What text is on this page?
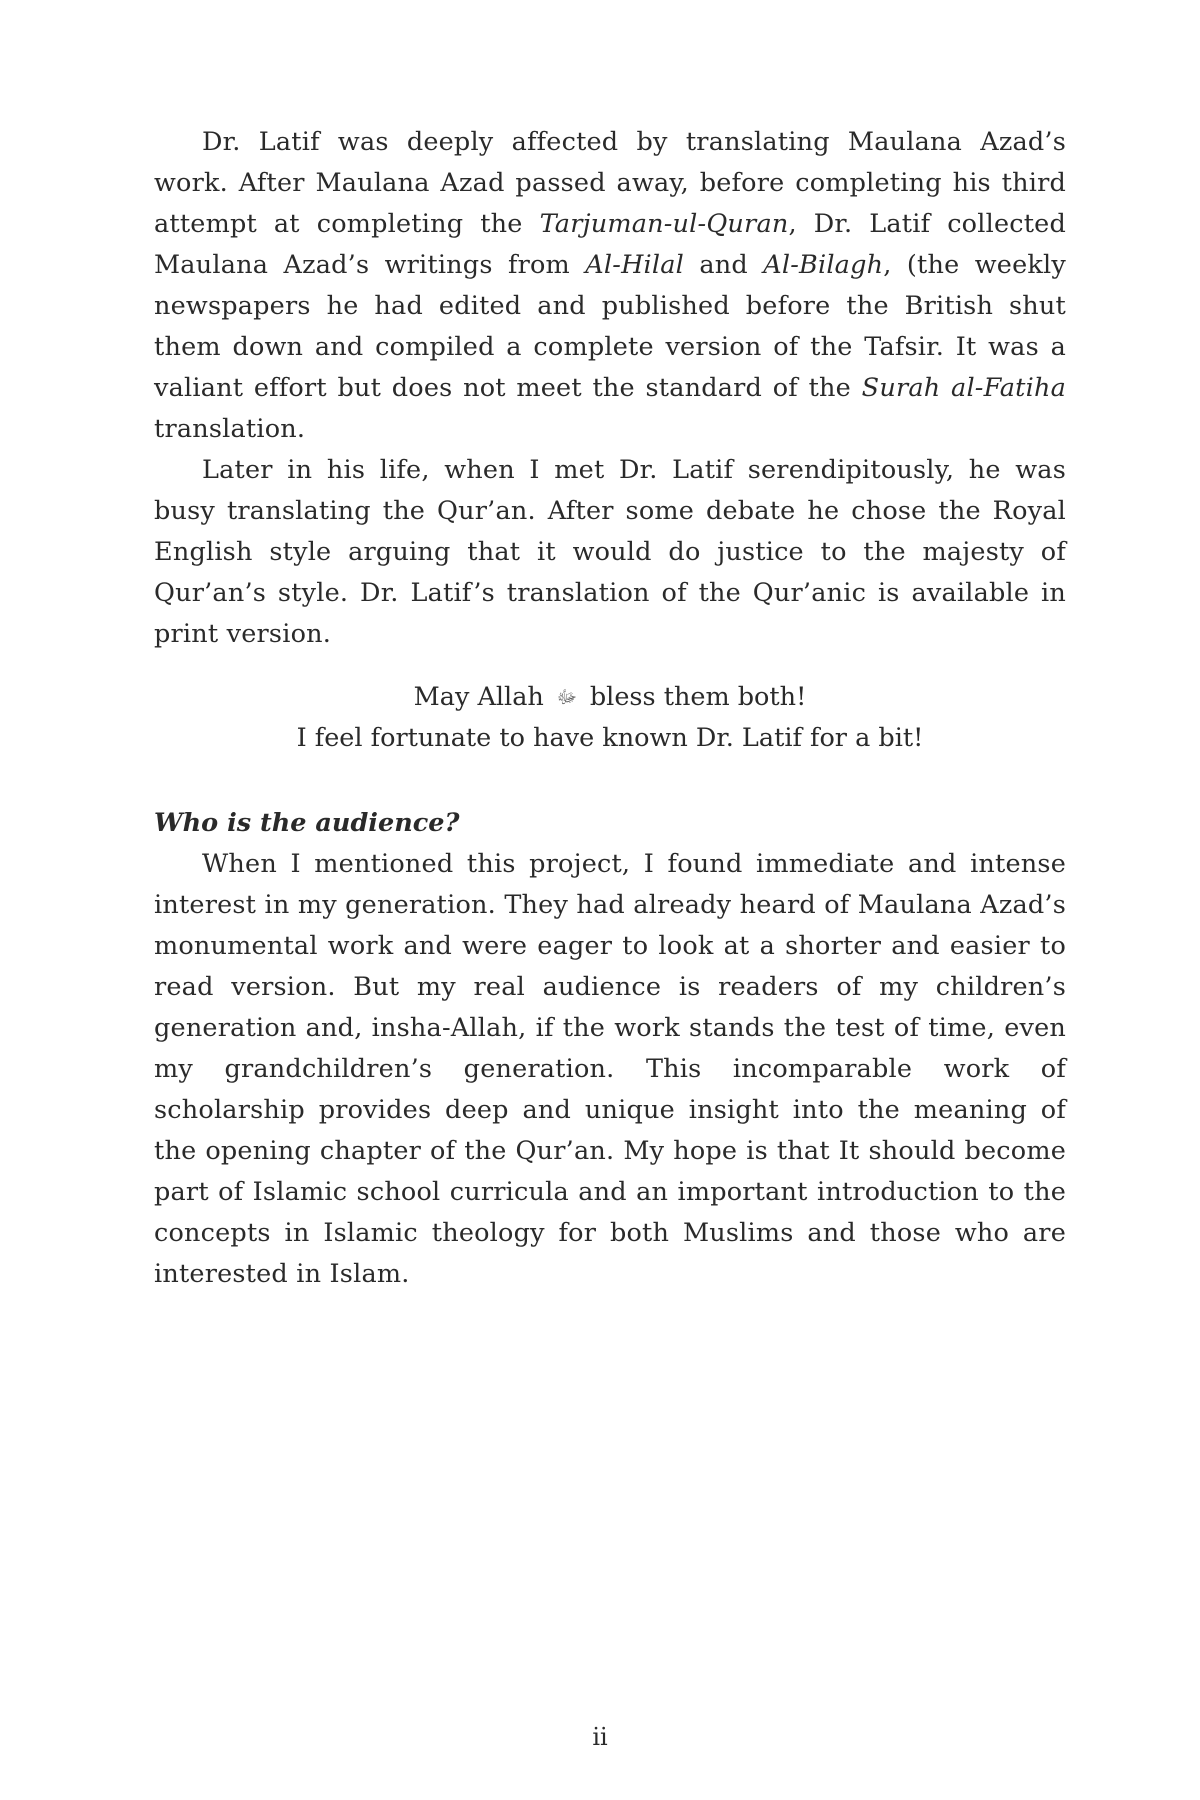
Dr. Latif was deeply affected by translating Maulana Azad’s work. After Maulana Azad passed away, before completing his third attempt at completing the Tarjuman-ul-Quran, Dr. Latif collected Maulana Azad’s writings from Al-Hilal and Al-Bilagh, (the weekly newspapers he had edited and published before the British shut them down and compiled a complete version of the Tafsir. It was a valiant effort but does not meet the standard of the Surah al-Fatiha translation.

Later in his life, when I met Dr. Latif serendipitously, he was busy translating the Qur’an. After some debate he chose the Royal English style arguing that it would do justice to the majesty of Qur’an’s style. Dr. Latif’s translation of the Qur’anic is available in print version.

May Allah ﷻ bless them both!
I feel fortunate to have known Dr. Latif for a bit!
Who is the audience?

When I mentioned this project, I found immediate and intense interest in my generation. They had already heard of Maulana Azad’s monumental work and were eager to look at a shorter and easier to read version. But my real audience is readers of my children’s generation and, insha-Allah, if the work stands the test of time, even my grandchildren’s generation. This incomparable work of scholarship provides deep and unique insight into the meaning of the opening chapter of the Qur’an. My hope is that It should become part of Islamic school curricula and an important introduction to the concepts in Islamic theology for both Muslims and those who are interested in Islam.

ii
